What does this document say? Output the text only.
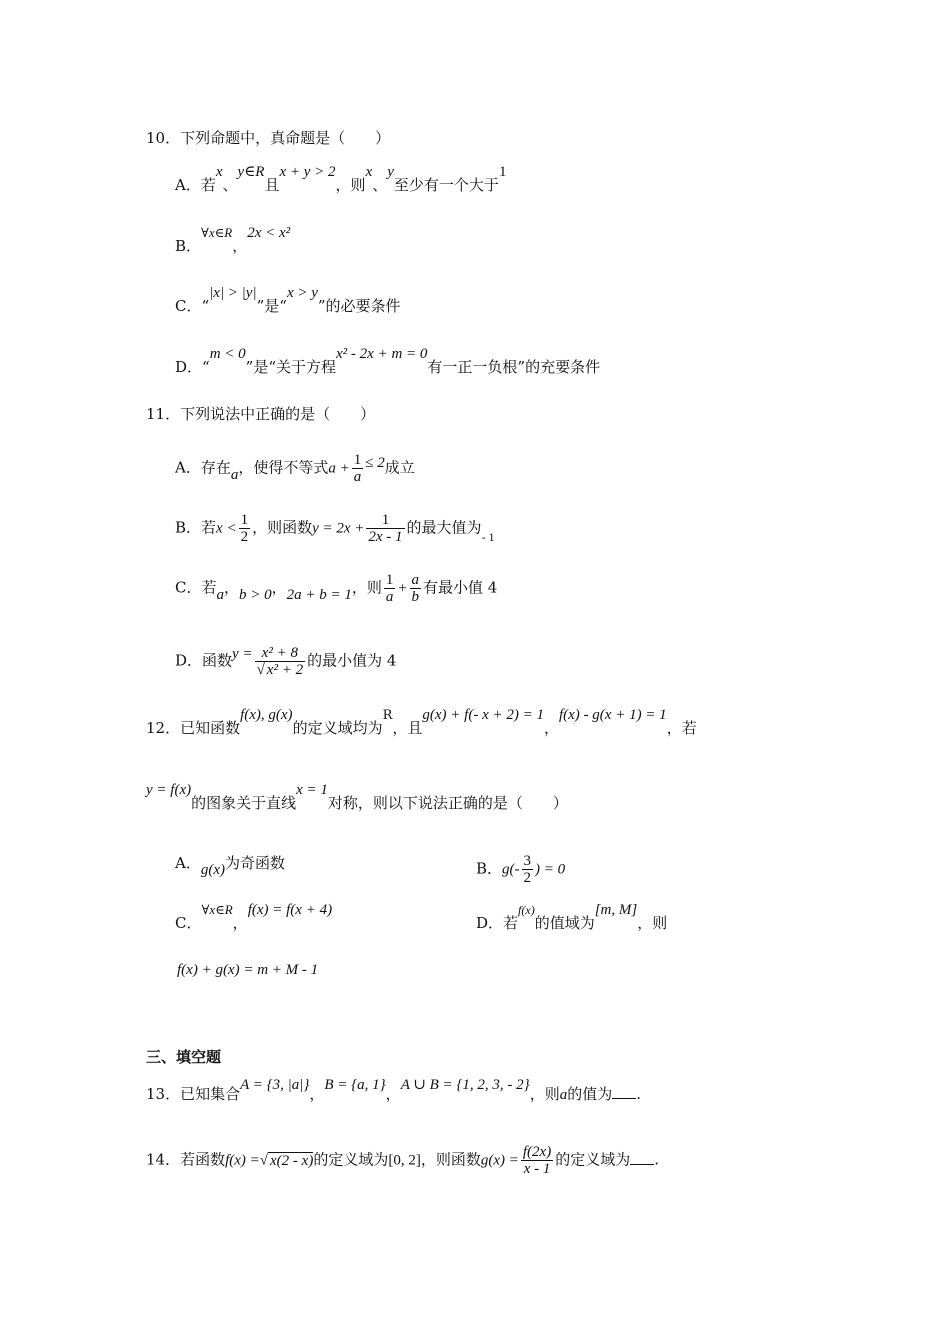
10．下列命题中，真命题是（　　）
A．若x、y∈R且x + y > 2，则x、y至少有一个大于1
B．∀x∈R，2x < x²
C．“|x| > |y|”是“x > y”的必要条件
D．“m < 0”是“关于方程x² - 2x + m = 0有一正一负根”的充要条件
11．下列说法中正确的是（　　）
A．存在a，使得不等式$a + \frac{1}{a} \le 2$成立
B．若$x < \frac{1}{2}$ ，则函数$y = 2x + \frac{1}{2x - 1}$ 的最大值为$_{- 1}$
C．若a，b > 0，2a + b = 1，则 $\frac{1}{a} + \frac{a}{b}$ 有最小值 4
D．函数$y = \frac{\text{x² + 8}}{\text{√ x² + 2}}$ 的最小值为 4
12．已知函数f(x), g(x)的定义域均为R，且g(x) + f(- x + 2) = 1，f(x) - g(x + 1) = 1，若
y = f(x)的图象关于直线x = 1对称，则以下说法正确的是（　　）
A．g(x)为奇函数	B．$g(- \frac{3}{2}$ ) = 0
C．∀x∈R，f(x) = f(x + 4)
D．若$^{f(x)}$的值域为[m, M]，则
f(x) + g(x) = m + M - 1
三、填空题
13．已知集合A = {3, |a|}，B = {a, 1}，A ∪ B = {1, 2, 3, - 2}，则a的值为 .
14．若函数f(x) =√ x(2 - x)的定义域为[0, 2]，则函数$g(x) = \frac{f(2x)}{x - 1}$ 的定义域为 .
